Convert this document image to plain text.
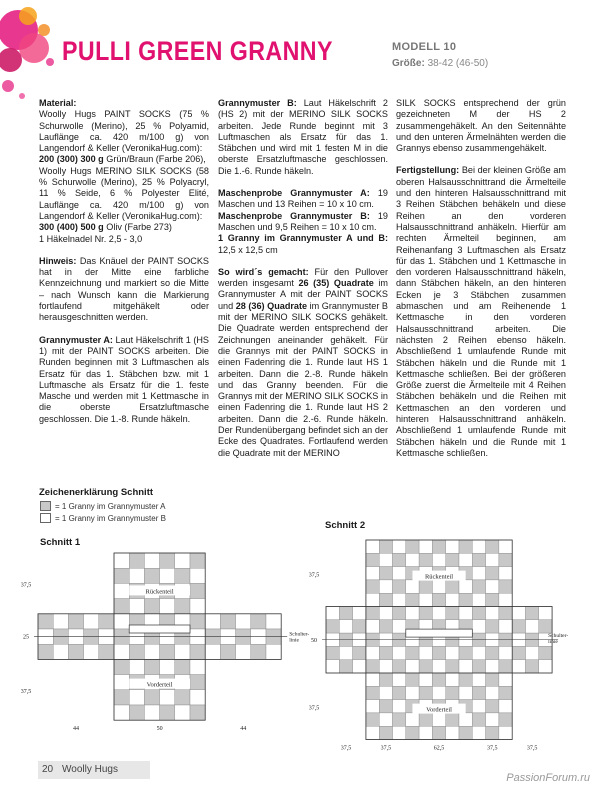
PULLI GREEN GRANNY	MODELL 10
Größe: 38-42 (46-50)

Material:
Woolly Hugs PAINT SOCKS (75 % Schurwolle (Merino), 25 % Polyamid, Lauflänge ca. 420 m/100 g) von Langendorf & Keller (VeronikaHug.com):
200 (300) 300 g Grün/Braun (Farbe 206),
Woolly Hugs MERINO SILK SOCKS (58 % Schurwolle (Merino), 25 % Polyacryl, 11 % Seide, 6 % Polyester Elité, Lauflänge ca. 420 m/100 g) von Langendorf & Keller (VeronikaHug.com):
300 (400) 500 g Oliv (Farbe 273)
1 Häkelnadel Nr. 2,5 - 3,0

Hinweis: Das Knäuel der PAINT SOCKS hat in der Mitte eine farbliche Kennzeichnung und markiert so die Mitte – nach Wunsch kann die Markierung fortlaufend mitgehäkelt oder herausgeschnitten werden.

Grannymuster A: Laut Häkelschrift 1 (HS 1) mit der PAINT SOCKS arbeiten. Die Runden beginnen mit 3 Luftmaschen als Ersatz für das 1. Stäbchen bzw. mit 1 Luftmasche als Ersatz für die 1. feste Masche und werden mit 1 Kettmasche in die oberste Ersatzluftmasche geschlossen. Die 1.-8. Runde häkeln.

Grannymuster B: Laut Häkelschrift 2 (HS 2) mit der MERINO SILK SOCKS arbeiten. Jede Runde beginnt mit 3 Luftmaschen als Ersatz für das 1. Stäbchen und wird mit 1 festen M in die oberste Ersatzluftmasche geschlossen. Die 1.-6. Runde häkeln.

Maschenprobe Grannymuster A: 19 Maschen und 13 Reihen = 10 x 10 cm.
Maschenprobe Grannymuster B: 19 Maschen und 9,5 Reihen = 10 x 10 cm.
1 Granny im Grannymuster A und B: 12,5 x 12,5 cm

So wird´s gemacht: Für den Pullover werden insgesamt 26 (35) Quadrate im Grannymuster A mit der PAINT SOCKS und 28 (36) Quadrate im Grannymuster B mit der MERINO SILK SOCKS gehäkelt. Die Quadrate werden entsprechend der Zeichnungen aneinander gehäkelt. Für die Grannys mit der PAINT SOCKS in einen Fadenring die 1. Runde laut HS 1 arbeiten. Dann die 2.-8. Runde häkeln und das Granny beenden. Für die Grannys mit der MERINO SILK SOCKS in einen Fadenring die 1. Runde laut HS 2 arbeiten. Dann die 2.-6. Runde häkeln. Der Rundenübergang befindet sich an der Ecke des Quadrates. Fortlaufend werden die Quadrate mit der MERINO

SILK SOCKS entsprechend der grün gezeichneten M der HS 2 zusammengehäkelt. An den Seitennähte und den unteren Ärmelnähten werden die Grannys ebenso zusammengehäkelt.

Fertigstellung: Bei der kleinen Größe am oberen Halsausschnittrand die Ärmelteile und den hinteren Halsausschnittrand mit 3 Reihen Stäbchen behäkeln und diese Reihen an den vorderen Halsausschnittrand anhäkeln. Hierfür am rechten Ärmelteil beginnen, am Reihenanfang 3 Luftmaschen als Ersatz für das 1. Stäbchen und 1 Kettmasche in den vorderen Halsausschnittrand häkeln, dann Stäbchen häkeln, an den hinteren Ecken je 3 Stäbchen zusammen abmaschen und am Reihenende 1 Kettmasche in den vorderen Halsausschnittrand arbeiten. Die nächsten 2 Reihen ebenso häkeln. Abschließend 1 umlaufende Runde mit Stäbchen häkeln und die Runde mit 1 Kettmasche schließen. Bei der größeren Größe zuerst die Ärmelteile mit 4 Reihen Stäbchen behäkeln und die Reihen mit Kettmaschen an den vorderen und hinteren Halsausschnittrand anhäkeln. Abschließend 1 umlaufende Runde mit Stäbchen häkeln und die Runde mit 1 Kettmasche schließen.

Zeichenerklärung Schnitt
= 1 Granny im Grannymuster A
= 1 Granny im Grannymuster B
Schnitt 1
Schnitt 2
Rückenteil
Vorderteil
Schulter-linie
37,5
25
37,5
44	50	44
Rückenteil
Vorderteil
Schulter-linie
37,5
50
37,5
37,5	37,5	62,5	37,5	37,5
20 Woolly Hugs
PassionForum.ru
